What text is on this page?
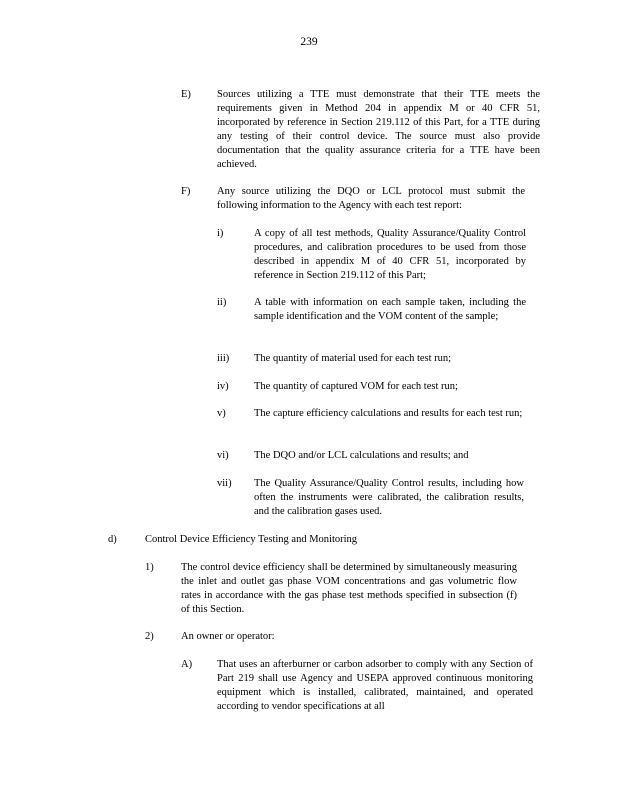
239
E) Sources utilizing a TTE must demonstrate that their TTE meets the requirements given in Method 204 in appendix M or 40 CFR 51, incorporated by reference in Section 219.112 of this Part, for a TTE during any testing of their control device. The source must also provide documentation that the quality assurance criteria for a TTE have been achieved.
F)	Any source utilizing the DQO or LCL protocol must submit the following information to the Agency with each test report:
i)	A copy of all test methods, Quality Assurance/Quality Control procedures, and calibration procedures to be used from those described in appendix M of 40 CFR 51, incorporated by reference in Section 219.112 of this Part;
ii)	A table with information on each sample taken, including the sample identification and the VOM content of the sample;
iii) The quantity of material used for each test run;
iv) The quantity of captured VOM for each test run;
v)	The capture efficiency calculations and results for each test run;
vi) The DQO and/or LCL calculations and results; and
vii) The Quality Assurance/Quality Control results, including how often the instruments were calibrated, the calibration results, and the calibration gases used.
d)	Control Device Efficiency Testing and Monitoring
1)	The control device efficiency shall be determined by simultaneously measuring the inlet and outlet gas phase VOM concentrations and gas volumetric flow rates in accordance with the gas phase test methods specified in subsection (f) of this Section.
2)	An owner or operator:
A) That uses an afterburner or carbon adsorber to comply with any Section of Part 219 shall use Agency and USEPA approved continuous monitoring equipment which is installed, calibrated, maintained, and operated according to vendor specifications at all
